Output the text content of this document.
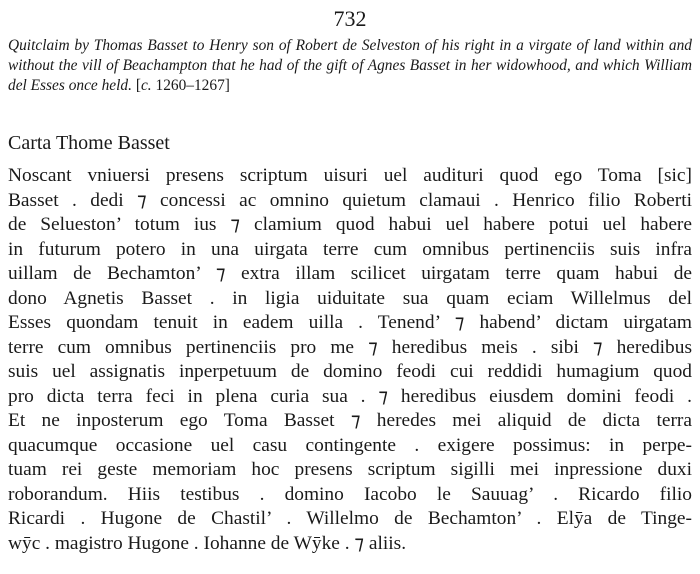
732
Quitclaim by Thomas Basset to Henry son of Robert de Selveston of his right in a virgate of land within and without the vill of Beachampton that he had of the gift of Agnes Basset in her widowhood, and which William del Esses once held. [c. 1260–1267]
Carta Thome Basset
Noscant vniuersi presens scriptum uisuri uel audituri quod ego Toma [sic]
Basset . dedi ⁊ concessi ac omnino quietum clamaui . Henrico filio Roberti
de Selueston’ totum ius ⁊ clamium quod habui uel habere potui uel habere
in futurum potero in una uirgata terre cum omnibus pertinenciis suis infra
uillam de Bechamton’ ⁊ extra illam scilicet uirgatam terre quam habui de
dono Agnetis Basset . in ligia uiduitate sua quam eciam Willelmus del
Esses quondam tenuit in eadem uilla . Tenend’ ⁊ habend’ dictam uirgatam
terre cum omnibus pertinenciis pro me ⁊ heredibus meis . sibi ⁊ heredibus
suis uel assignatis inperpetuum de domino feodi cui reddidi humagium quod
pro dicta terra feci in plena curia sua . ⁊ heredibus eiusdem domini feodi .
Et ne inposterum ego Toma Basset ⁊ heredes mei aliquid de dicta terra
quacumque occasione uel casu contingente . exigere possimus: in perpe-
tuam rei geste memoriam hoc presens scriptum sigilli mei inpressione duxi
roborandum. Hiis testibus . domino Iacobo le Sauuag’ . Ricardo filio
Ricardi . Hugone de Chastil’ . Willelmo de Bechamton’ . Elӯa de Tinge-
wӯc . magistro Hugone . Iohanne de Wӯke . ⁊ aliis.
